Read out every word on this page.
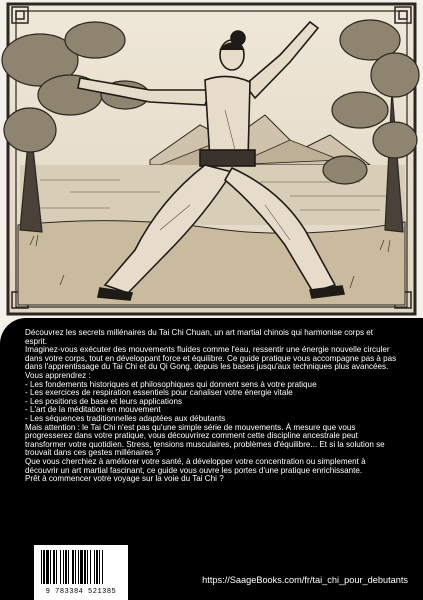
Découvrez les secrets millénaires du Tai Chi Chuan, un art martial chinois qui harmonise corps et esprit.
Imaginez-vous exécuter des mouvements fluides comme l'eau, ressentir une énergie nouvelle circuler dans votre corps, tout en développant force et équilibre. Ce guide pratique vous accompagne pas à pas dans l'apprentissage du Tai Chi et du Qi Gong, depuis les bases jusqu'aux techniques plus avancées.
Vous apprendrez :
- Les fondements historiques et philosophiques qui donnent sens à votre pratique
- Les exercices de respiration essentiels pour canaliser votre énergie vitale
- Les positions de base et leurs applications
- L'art de la méditation en mouvement
- Les séquences traditionnelles adaptées aux débutants
Mais attention : le Tai Chi n'est pas qu'une simple série de mouvements. À mesure que vous progresserez dans votre pratique, vous découvrirez comment cette discipline ancestrale peut transformer votre quotidien. Stress, tensions musculaires, problèmes d'équilibre... Et si la solution se trouvait dans ces gestes millénaires ?
Que vous cherchiez à améliorer votre santé, à développer votre concentration ou simplement à découvrir un art martial fascinant, ce guide vous ouvre les portes d'une pratique enrichissante.
Prêt à commencer votre voyage sur la voie du Tai Chi ?
9 783384 521385
https://SaageBooks.com/fr/tai_chi_pour_debutants
